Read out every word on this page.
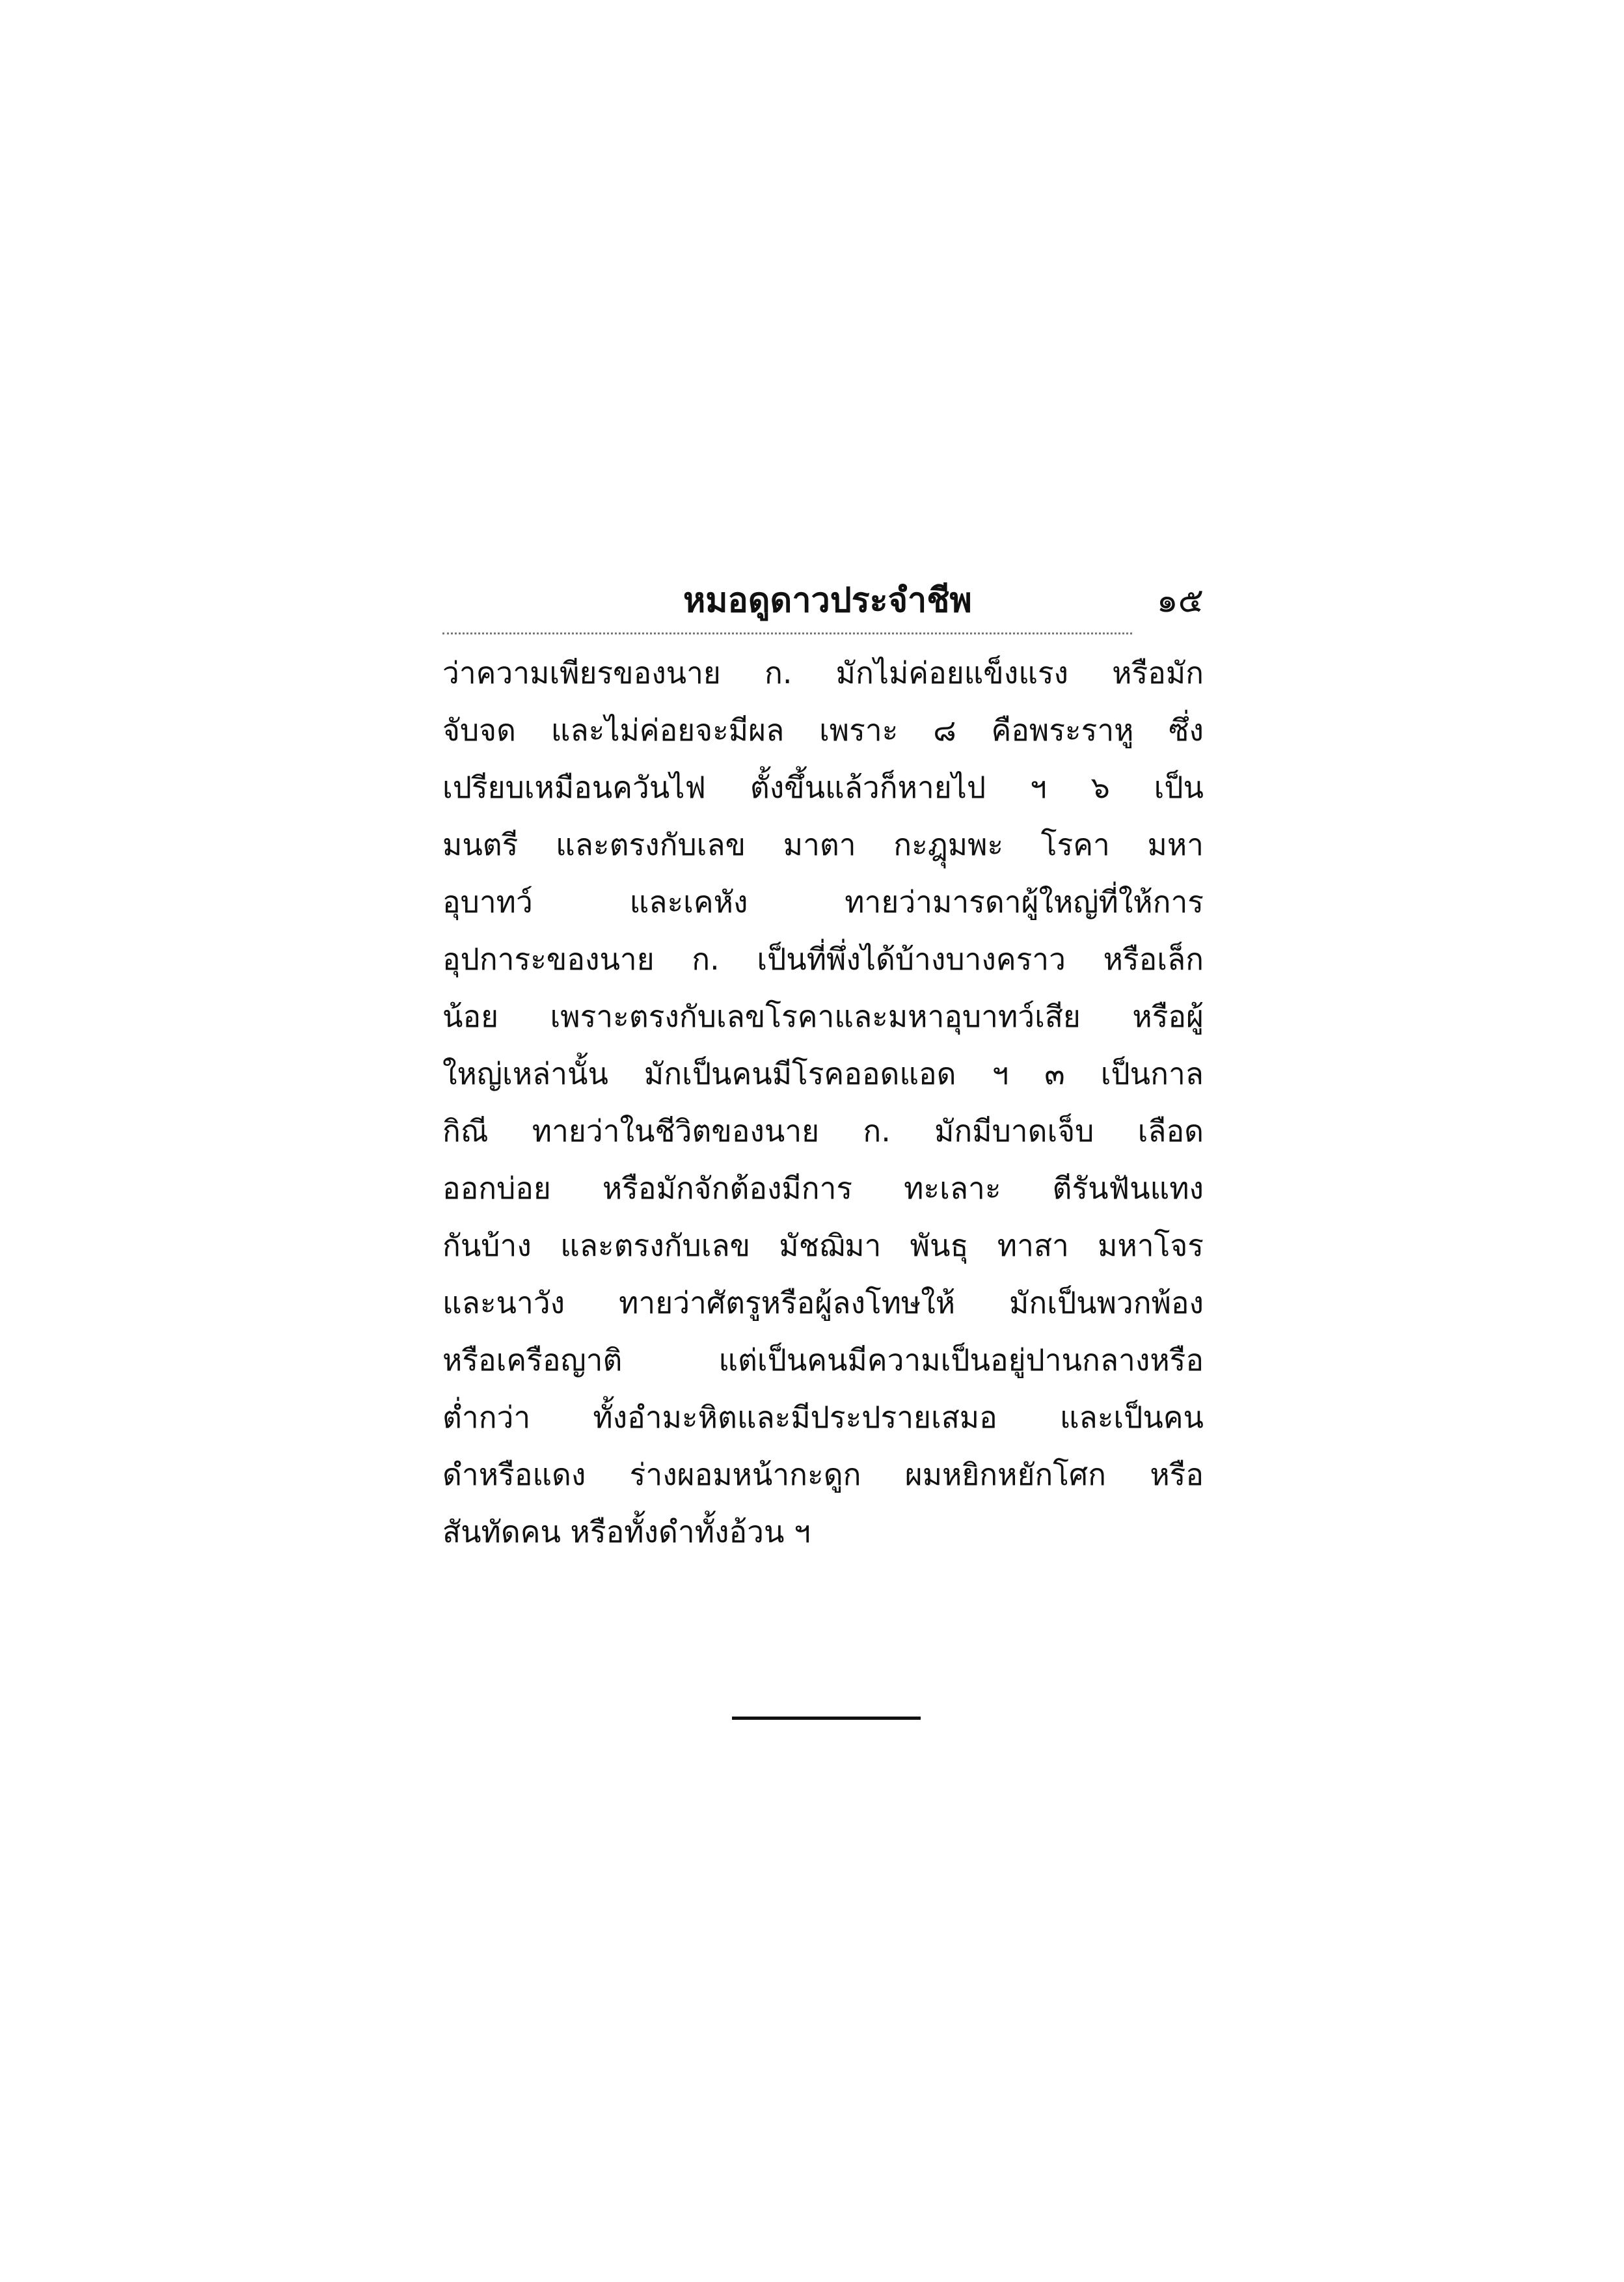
หมอดูดาวประจำชีพ	๑๕
ว่าความเพียรของนาย ก. มักไม่ค่อยแข็งแรง หรือมัก
จับจด และไม่ค่อยจะมีผล เพราะ ๘ คือพระราหู ซึ่ง
เปรียบเหมือนควันไฟ ตั้งขึ้นแล้วก็หายไป ฯ ๖ เป็น
มนตรี และตรงกับเลข มาตา กะฎุมพะ โรคา มหา
อุบาทว์ และเคหัง ทายว่ามารดาผู้ใหญ่ที่ให้การ
อุปการะของนาย ก. เป็นที่พึ่งได้บ้างบางคราว หรือเล็ก
น้อย เพราะตรงกับเลขโรคาและมหาอุบาทว์เสีย หรือผู้
ใหญ่เหล่านั้น มักเป็นคนมีโรคออดแอด ฯ ๓ เป็นกาล
กิณี ทายว่าในชีวิตของนาย ก. มักมีบาดเจ็บ เลือด
ออกบ่อย หรือมักจักต้องมีการ ทะเลาะ ตีรันฟันแทง
กันบ้าง และตรงกับเลข มัชฌิมา พันธุ ทาสา มหาโจร
และนาวัง ทายว่าศัตรูหรือผู้ลงโทษให้ มักเป็นพวกพ้อง
หรือเครือญาติ แต่เป็นคนมีความเป็นอยู่ปานกลางหรือ
ต่ำกว่า ทั้งอำมะหิตและมีประปรายเสมอ และเป็นคน
ดำหรือแดง ร่างผอมหน้ากะดูก ผมหยิกหยักโศก หรือ
สันทัดคน หรือทั้งดำทั้งอ้วน ฯ
